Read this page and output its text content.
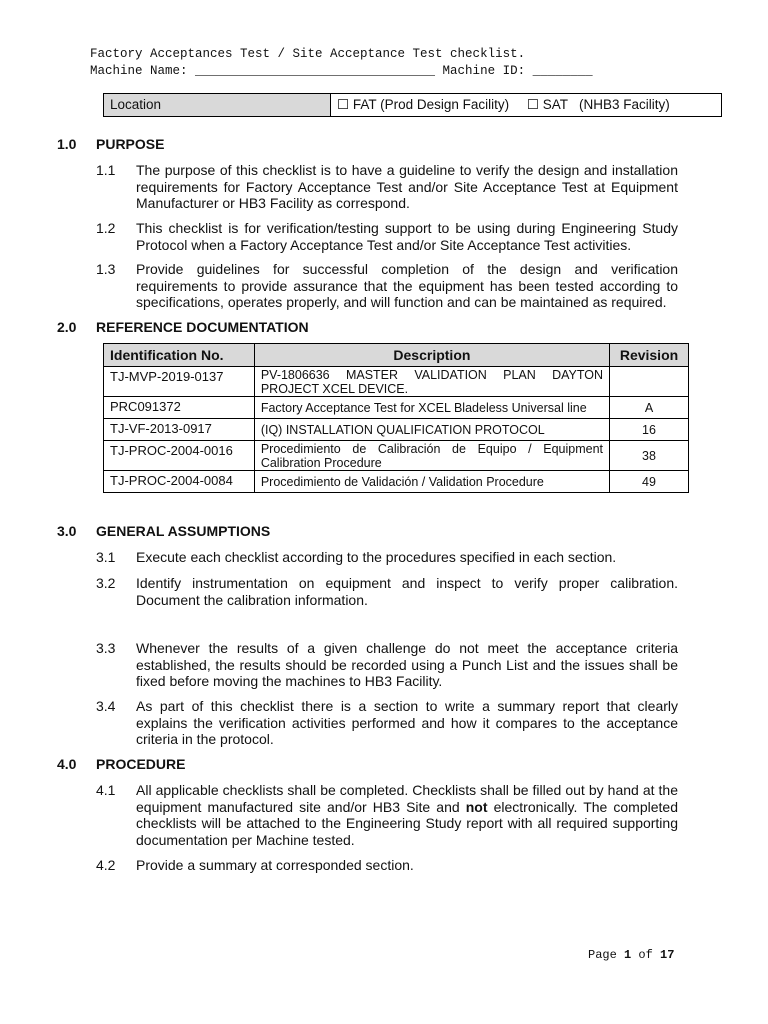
Factory Acceptances Test / Site Acceptance Test checklist.
Machine Name: ________________________________ Machine ID: ________
Location	☐ FAT (Prod Design Facility) ☐ SAT   (NHB3 Facility)
1.0 PURPOSE
1.1	The purpose of this checklist is to have a guideline to verify the design and installation requirements for Factory Acceptance Test and/or Site Acceptance Test at Equipment Manufacturer or HB3 Facility as correspond.
1.2	This checklist is for verification/testing support to be using during Engineering Study Protocol when a Factory Acceptance Test and/or Site Acceptance Test activities.
1.3	Provide guidelines for successful completion of the design and verification requirements to provide assurance that the equipment has been tested according to specifications, operates properly, and will function and can be maintained as required.
2.0 REFERENCE DOCUMENTATION
Identification No.	Description	Revision
TJ-MVP-2019-0137	PV-1806636 MASTER VALIDATION PLAN DAYTON PROJECT XCEL DEVICE.	
PRC091372	Factory Acceptance Test for XCEL Bladeless Universal line	A
TJ-VF-2013-0917	(IQ) INSTALLATION QUALIFICATION PROTOCOL	16
TJ-PROC-2004-0016	Procedimiento de Calibración de Equipo / Equipment Calibration Procedure	38
TJ-PROC-2004-0084	Procedimiento de Validación / Validation Procedure	49
3.0 GENERAL ASSUMPTIONS
3.1	Execute each checklist according to the procedures specified in each section.
3.2	Identify instrumentation on equipment and inspect to verify proper calibration. Document the calibration information.
3.3	Whenever the results of a given challenge do not meet the acceptance criteria established, the results should be recorded using a Punch List and the issues shall be fixed before moving the machines to HB3 Facility.
3.4	As part of this checklist there is a section to write a summary report that clearly explains the verification activities performed and how it compares to the acceptance criteria in the protocol.
4.0 PROCEDURE
4.1	All applicable checklists shall be completed. Checklists shall be filled out by hand at the equipment manufactured site and/or HB3 Site and not electronically. The completed checklists will be attached to the Engineering Study report with all required supporting documentation per Machine tested.
4.2	Provide a summary at corresponded section.
Page 1 of 17
